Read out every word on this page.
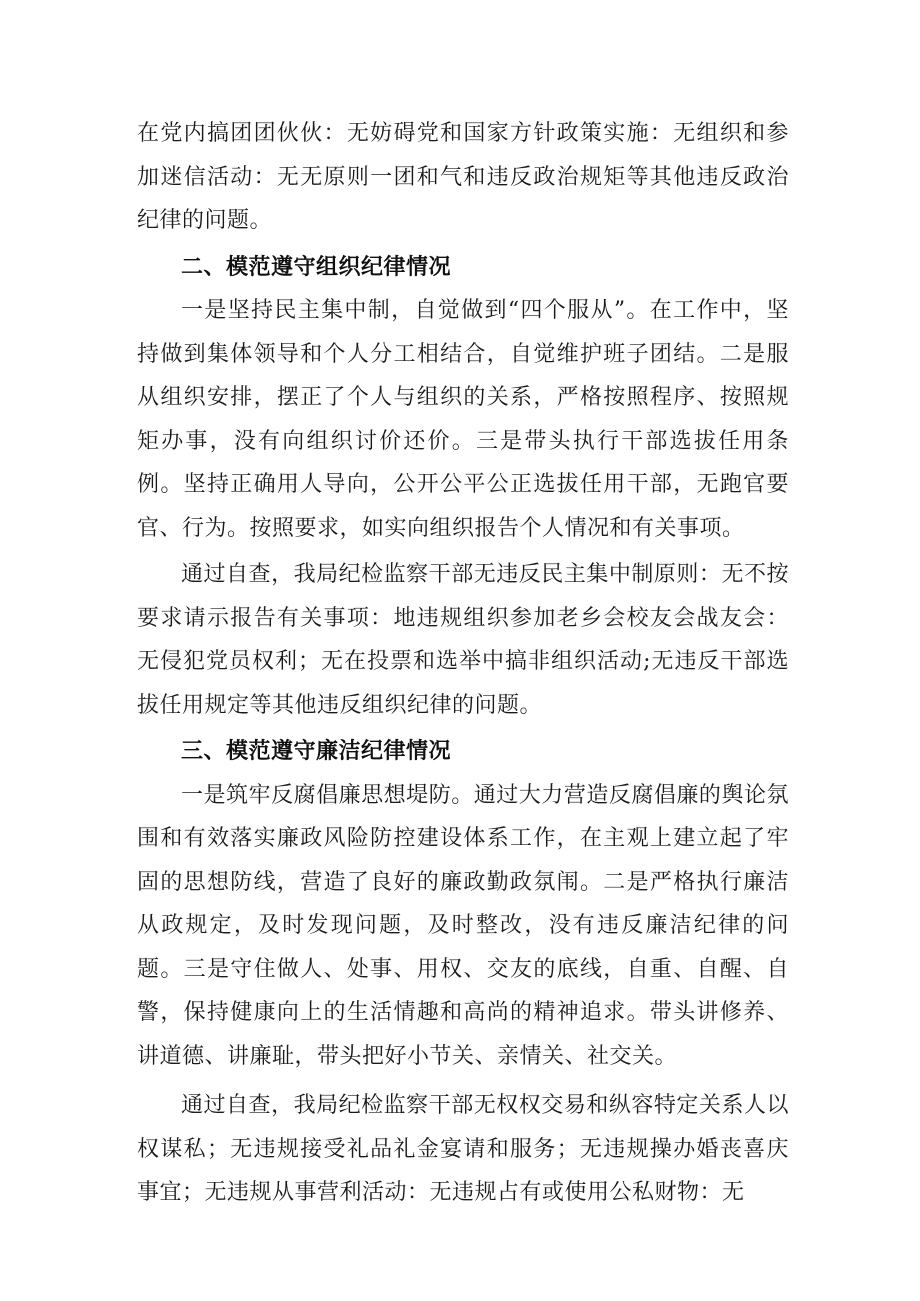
在党内搞团团伙伙：无妨碍党和国家方针政策实施：无组织和参加迷信活动：无无原则一团和气和违反政治规矩等其他违反政治纪律的问题。

二、模范遵守组织纪律情况

一是坚持民主集中制，自觉做到“四个服从”。在工作中，坚持做到集体领导和个人分工相结合，自觉维护班子团结。二是服从组织安排，摆正了个人与组织的关系，严格按照程序、按照规矩办事，没有向组织讨价还价。三是带头执行干部选拔任用条例。坚持正确用人导向，公开公平公正选拔任用干部，无跑官要官、行为。按照要求，如实向组织报告个人情况和有关事项。

通过自查，我局纪检监察干部无违反民主集中制原则：无不按要求请示报告有关事项：地违规组织参加老乡会校友会战友会：无侵犯党员权利；无在投票和选举中搞非组织活动;无违反干部选拔任用规定等其他违反组织纪律的问题。

三、模范遵守廉洁纪律情况

一是筑牢反腐倡廉思想堤防。通过大力营造反腐倡廉的舆论氛围和有效落实廉政风险防控建设体系工作，在主观上建立起了牢固的思想防线，营造了良好的廉政勤政氛闱。二是严格执行廉洁从政规定，及时发现问题，及时整改，没有违反廉洁纪律的问题。三是守住做人、处事、用权、交友的底线，自重、自醒、自警，保持健康向上的生活情趣和高尚的精神追求。带头讲修养、讲道德、讲廉耻，带头把好小节关、亲情关、社交关。

通过自查，我局纪检监察干部无权权交易和纵容特定关系人以权谋私；无违规接受礼品礼金宴请和服务；无违规操办婚丧喜庆事宜；无违规从事营利活动：无违规占有或使用公私财物：无
